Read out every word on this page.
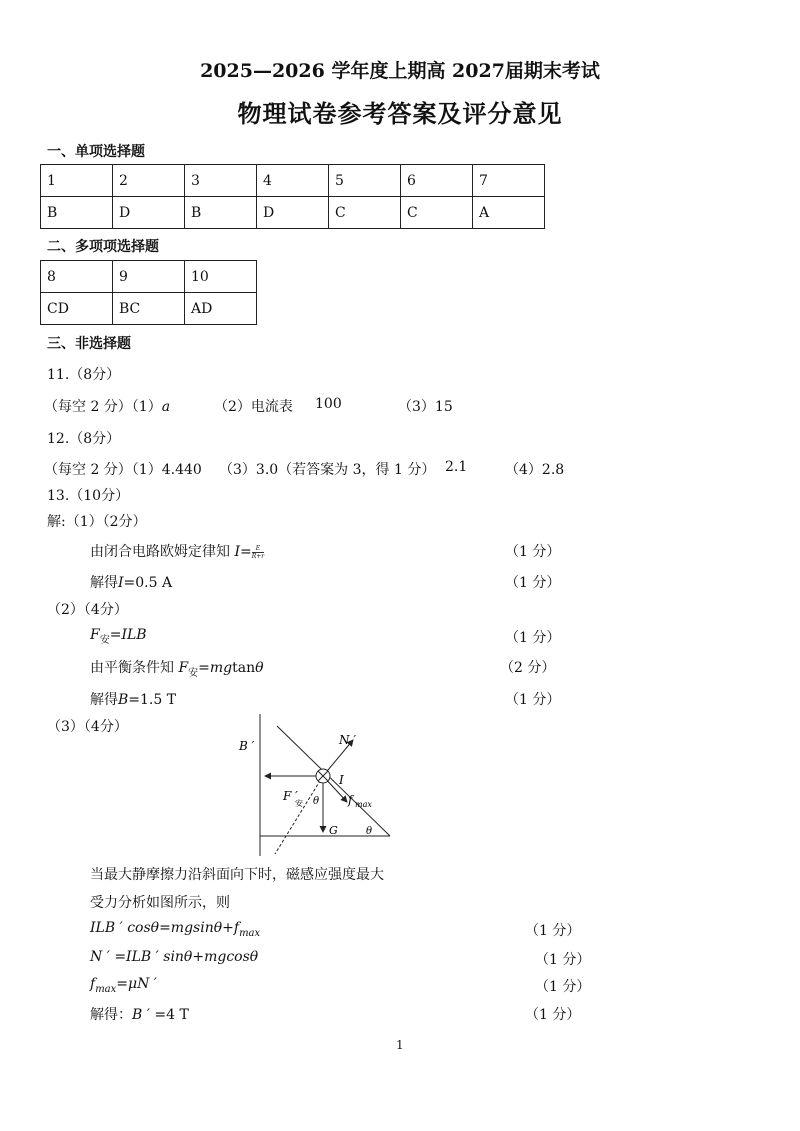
2025—2026 学年度上期高 2027届期末考试
物理试卷参考答案及评分意见
一、单项选择题
1	2	3	4	5	6	7
B	D	B	D	C	C	A
二、多项项选择题
8	9	10
CD	BC	AD
三、非选择题
11.（8分）
（每空 2 分）（1）a	（2）电流表 100	（3）15
12.（8分）
（每空 2 分）（1）4.440 （3）3.0（若答案为 3，得 1 分） 2.1	（4）2.8
13.（10分）
解:（1）（2分）
由闭合电路欧姆定律知 $I= \frac{E}{R+r}$	（1 分）
解得I=0.5 A	（1 分）
（2）（4分）
$F_安=ILB$	（1 分）
由平衡条件知 $F_安=mgtan\theta$	（2 分）
解得B=1.5 T	（1 分）
（3）（4分）
B ′	N ′
I
F ′
安 θ f max
G	θ
当最大静摩擦力沿斜面向下时，磁感应强度最大
受力分析如图所示，则
ILB ′ $\cos\theta=mgsin\theta+f_{max}$	（1 分）
N ′ =ILB ′ sinθ+mgcosθ	（1 分）
$f_{max}=\mu N$ ′	（1 分）
解得：B ′ =4 T	（1 分）
1
